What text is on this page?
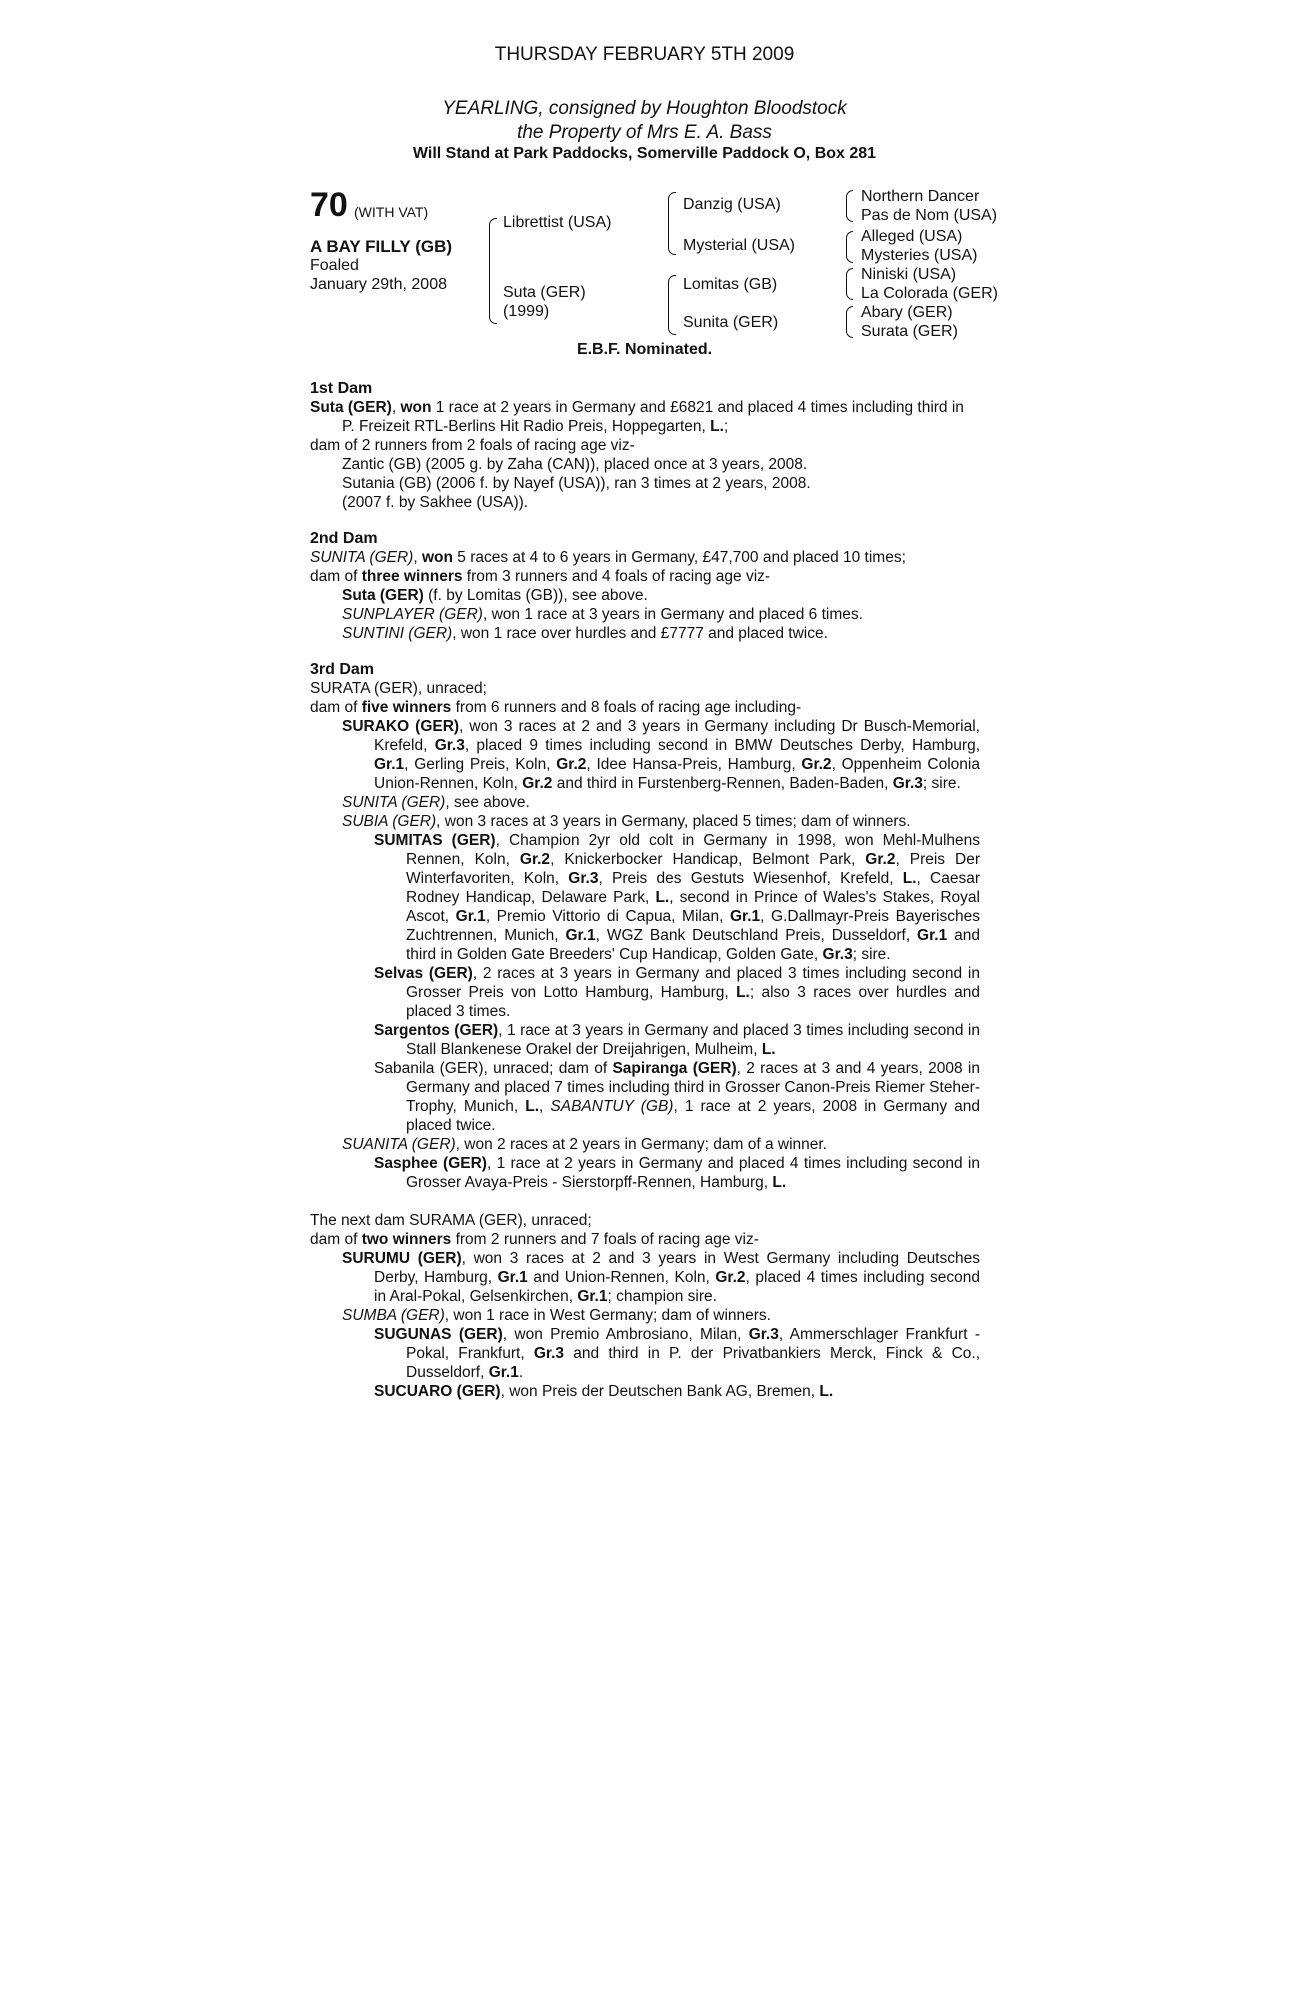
THURSDAY FEBRUARY 5TH 2009
YEARLING, consigned by Houghton Bloodstock
the Property of Mrs E. A. Bass
Will Stand at Park Paddocks, Somerville Paddock O, Box 281
70 (WITH VAT)
A BAY FILLY (GB)
Foaled
January 29th, 2008
Librettist (USA)
Suta (GER)
(1999)
Danzig (USA)
Mysterial (USA)
Lomitas (GB)
Sunita (GER)
Northern Dancer
Pas de Nom (USA)
Alleged (USA)
Mysteries (USA)
Niniski (USA)
La Colorada (GER)
Abary (GER)
Surata (GER)
E.B.F. Nominated.
1st Dam

Suta (GER), won 1 race at 2 years in Germany and £6821 and placed 4 times including third in P. Freizeit RTL-Berlins Hit Radio Preis, Hoppegarten, L.;

dam of 2 runners from 2 foals of racing age viz-

Zantic (GB) (2005 g. by Zaha (CAN)), placed once at 3 years, 2008.

Sutania (GB) (2006 f. by Nayef (USA)), ran 3 times at 2 years, 2008.

(2007 f. by Sakhee (USA)).

2nd Dam

SUNITA (GER), won 5 races at 4 to 6 years in Germany, £47,700 and placed 10 times;

dam of three winners from 3 runners and 4 foals of racing age viz-

Suta (GER) (f. by Lomitas (GB)), see above.

SUNPLAYER (GER), won 1 race at 3 years in Germany and placed 6 times.

SUNTINI (GER), won 1 race over hurdles and £7777 and placed twice.

3rd Dam

SURATA (GER), unraced;

dam of five winners from 6 runners and 8 foals of racing age including-

SURAKO (GER), won 3 races at 2 and 3 years in Germany including Dr Busch-Memorial, Krefeld, Gr.3, placed 9 times including second in BMW Deutsches Derby, Hamburg, Gr.1, Gerling Preis, Koln, Gr.2, Idee Hansa-Preis, Hamburg, Gr.2, Oppenheim Colonia Union-Rennen, Koln, Gr.2 and third in Furstenberg-Rennen, Baden-Baden, Gr.3; sire.

SUNITA (GER), see above.

SUBIA (GER), won 3 races at 3 years in Germany, placed 5 times; dam of winners.

SUMITAS (GER), Champion 2yr old colt in Germany in 1998, won Mehl-Mulhens Rennen, Koln, Gr.2, Knickerbocker Handicap, Belmont Park, Gr.2, Preis Der Winterfavoriten, Koln, Gr.3, Preis des Gestuts Wiesenhof, Krefeld, L., Caesar Rodney Handicap, Delaware Park, L., second in Prince of Wales's Stakes, Royal Ascot, Gr.1, Premio Vittorio di Capua, Milan, Gr.1, G.Dallmayr-Preis Bayerisches Zuchtrennen, Munich, Gr.1, WGZ Bank Deutschland Preis, Dusseldorf, Gr.1 and third in Golden Gate Breeders' Cup Handicap, Golden Gate, Gr.3; sire.

Selvas (GER), 2 races at 3 years in Germany and placed 3 times including second in Grosser Preis von Lotto Hamburg, Hamburg, L.; also 3 races over hurdles and placed 3 times.

Sargentos (GER), 1 race at 3 years in Germany and placed 3 times including second in Stall Blankenese Orakel der Dreijahrigen, Mulheim, L.

Sabanila (GER), unraced; dam of Sapiranga (GER), 2 races at 3 and 4 years, 2008 in Germany and placed 7 times including third in Grosser Canon-Preis Riemer Steher-Trophy, Munich, L., SABANTUY (GB), 1 race at 2 years, 2008 in Germany and placed twice.

SUANITA (GER), won 2 races at 2 years in Germany; dam of a winner.

Sasphee (GER), 1 race at 2 years in Germany and placed 4 times including second in Grosser Avaya-Preis - Sierstorpff-Rennen, Hamburg, L.

The next dam SURAMA (GER), unraced;

dam of two winners from 2 runners and 7 foals of racing age viz-

SURUMU (GER), won 3 races at 2 and 3 years in West Germany including Deutsches Derby, Hamburg, Gr.1 and Union-Rennen, Koln, Gr.2, placed 4 times including second in Aral-Pokal, Gelsenkirchen, Gr.1; champion sire.

SUMBA (GER), won 1 race in West Germany; dam of winners.

SUGUNAS (GER), won Premio Ambrosiano, Milan, Gr.3, Ammerschlager Frankfurt - Pokal, Frankfurt, Gr.3 and third in P. der Privatbankiers Merck, Finck & Co., Dusseldorf, Gr.1.

SUCUARO (GER), won Preis der Deutschen Bank AG, Bremen, L.
